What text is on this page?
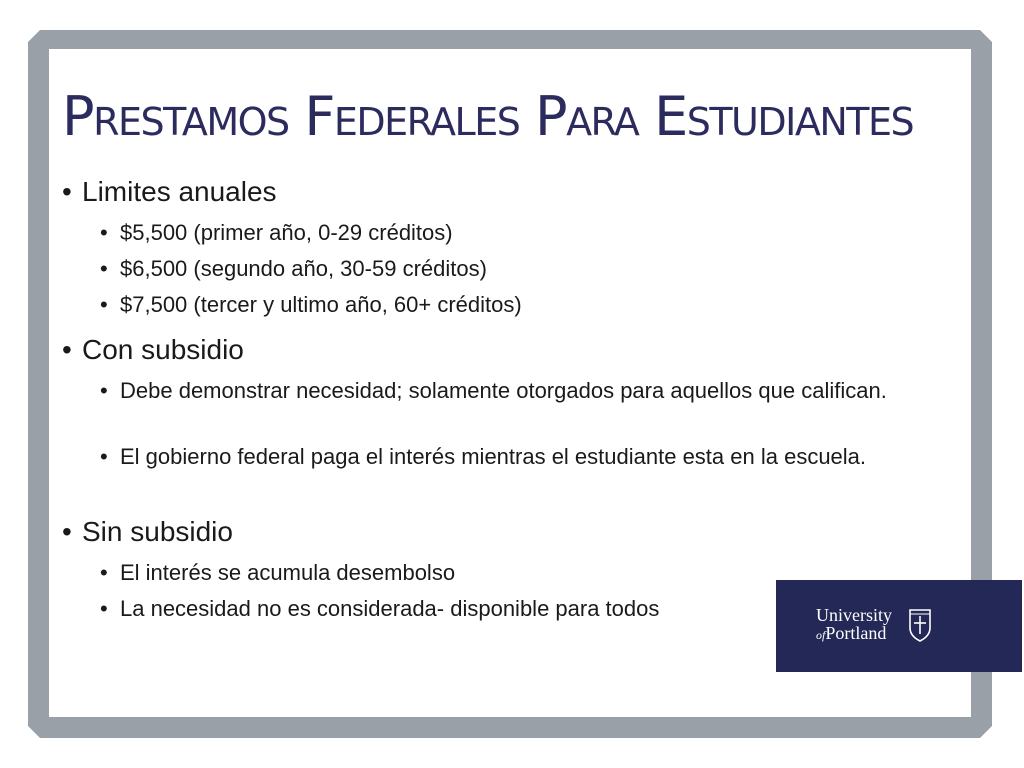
Prestamos Federales Para Estudiantes
• Limites anuales
• $5,500 (primer año, 0-29 créditos)
• $6,500 (segundo año, 30-59 créditos)
• $7,500 (tercer y ultimo año, 60+ créditos)
• Con subsidio
• Debe demonstrar necesidad; solamente otorgados para aquellos que califican.
• El gobierno federal paga el interés mientras el estudiante esta en la escuela.
• Sin subsidio
• El interés se acumula desembolso
• La necesidad no es considerada- disponible para todos	University
ofPortland
